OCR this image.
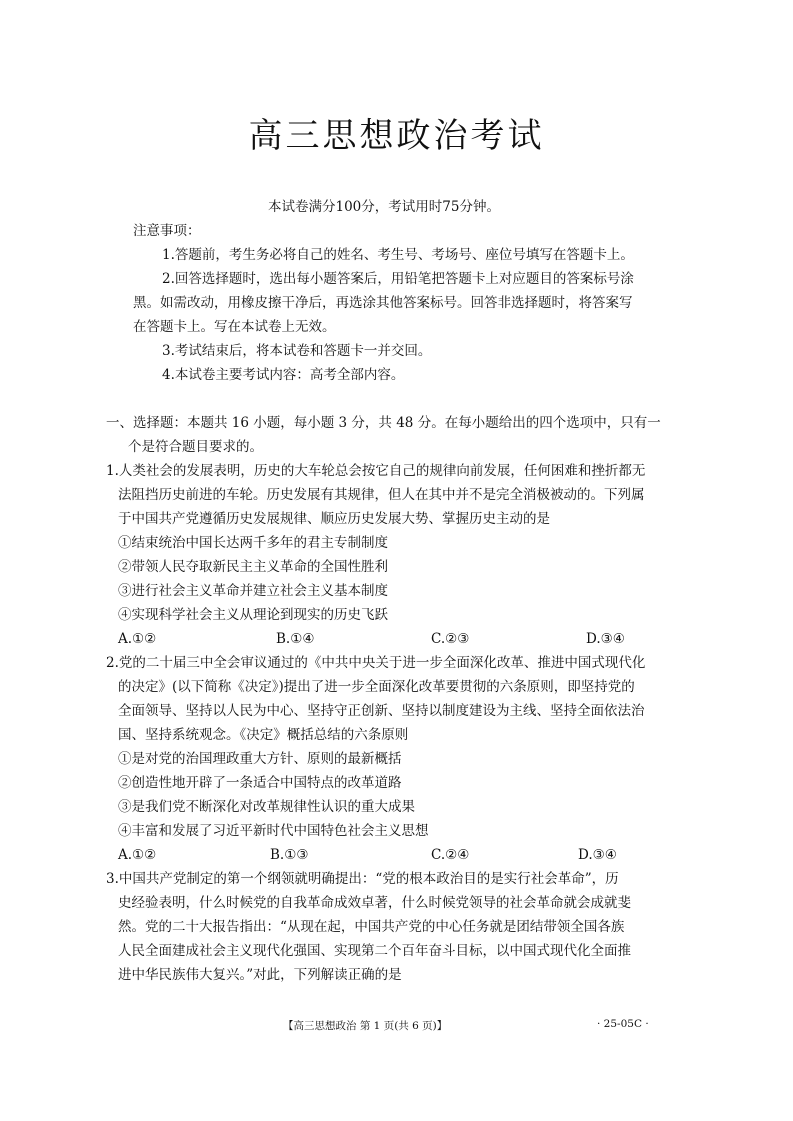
高三思想政治考试
本试卷满分100分，考试用时75分钟。
注意事项：
1.答题前，考生务必将自己的姓名、考生号、考场号、座位号填写在答题卡上。
2.回答选择题时，选出每小题答案后，用铅笔把答题卡上对应题目的答案标号涂
黑。如需改动，用橡皮擦干净后，再选涂其他答案标号。回答非选择题时，将答案写
在答题卡上。写在本试卷上无效。
3.考试结束后，将本试卷和答题卡一并交回。
4.本试卷主要考试内容：高考全部内容。
一、选择题：本题共 16 小题，每小题 3 分，共 48 分。在每小题给出的四个选项中，只有一
个是符合题目要求的。
1.人类社会的发展表明，历史的大车轮总会按它自己的规律向前发展，任何困难和挫折都无
法阻挡历史前进的车轮。历史发展有其规律，但人在其中并不是完全消极被动的。下列属
于中国共产党遵循历史发展规律、顺应历史发展大势、掌握历史主动的是
①结束统治中国长达两千多年的君主专制制度
②带领人民夺取新民主主义革命的全国性胜利
③进行社会主义革命并建立社会主义基本制度
④实现科学社会主义从理论到现实的历史飞跃
A.①②	B.①④	C.②③	D.③④
2.党的二十届三中全会审议通过的《中共中央关于进一步全面深化改革、推进中国式现代化
的决定》(以下简称《决定》)提出了进一步全面深化改革要贯彻的六条原则，即坚持党的
全面领导、坚持以人民为中心、坚持守正创新、坚持以制度建设为主线、坚持全面依法治
国、坚持系统观念。《决定》概括总结的六条原则
①是对党的治国理政重大方针、原则的最新概括
②创造性地开辟了一条适合中国特点的改革道路
③是我们党不断深化对改革规律性认识的重大成果
④丰富和发展了习近平新时代中国特色社会主义思想
A.①②	B.①③	C.②④	D.③④
3.中国共产党制定的第一个纲领就明确提出：“党的根本政治目的是实行社会革命”，历
史经验表明，什么时候党的自我革命成效卓著，什么时候党领导的社会革命就会成就斐
然。党的二十大报告指出：“从现在起，中国共产党的中心任务就是团结带领全国各族
人民全面建成社会主义现代化强国、实现第二个百年奋斗目标，以中国式现代化全面推
进中华民族伟大复兴。”对此，下列解读正确的是
【高三思想政治 第 1 页(共 6 页)】	· 25-05C ·
